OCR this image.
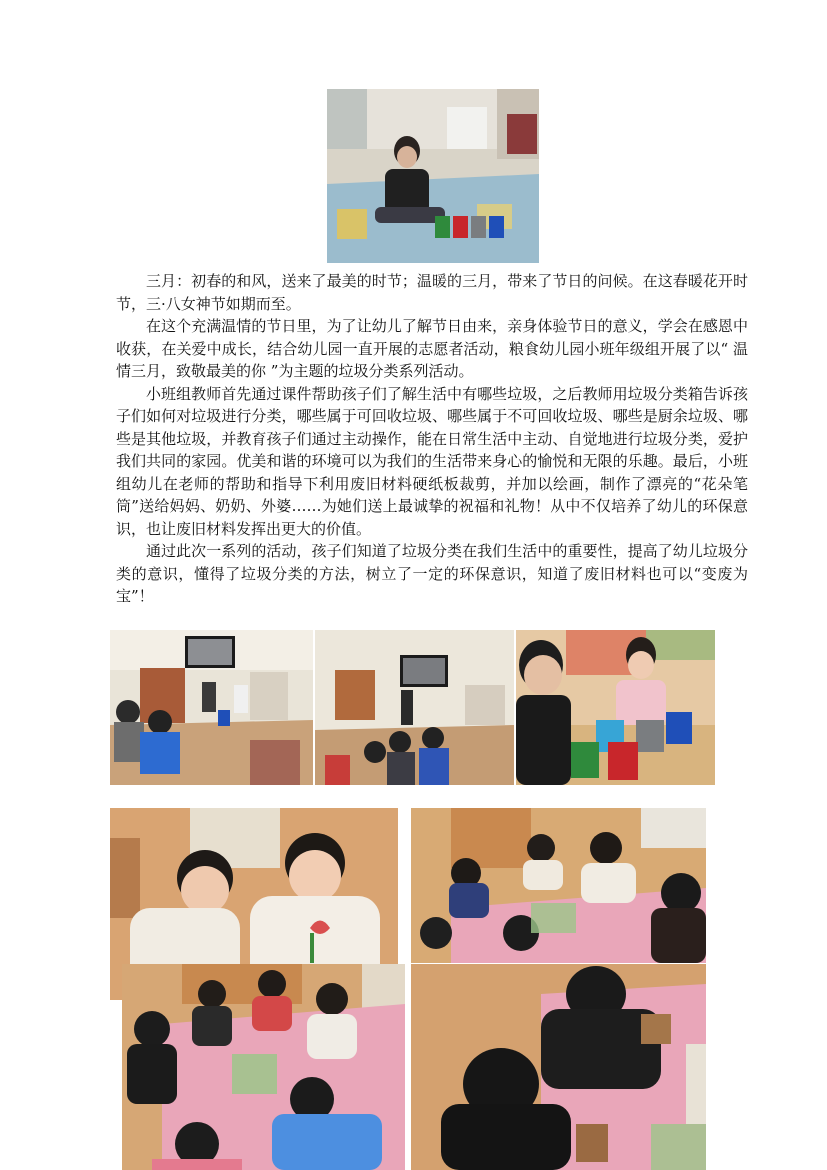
三月：初春的和风，送来了最美的时节；温暖的三月，带来了节日的问候。在这春暖花开时节，三·八女神节如期而至。

在这个充满温情的节日里，为了让幼儿了解节日由来，亲身体验节日的意义，学会在感恩中收获，在关爱中成长，结合幼儿园一直开展的志愿者活动，粮食幼儿园小班年级组开展了以“ 温情三月，致敬最美的你 ”为主题的垃圾分类系列活动。

小班组教师首先通过课件帮助孩子们了解生活中有哪些垃圾，之后教师用垃圾分类箱告诉孩子们如何对垃圾进行分类，哪些属于可回收垃圾、哪些属于不可回收垃圾、哪些是厨余垃圾、哪些是其他垃圾，并教育孩子们通过主动操作，能在日常生活中主动、自觉地进行垃圾分类，爱护我们共同的家园。优美和谐的环境可以为我们的生活带来身心的愉悦和无限的乐趣。最后，小班组幼儿在老师的帮助和指导下利用废旧材料硬纸板裁剪，并加以绘画，制作了漂亮的“花朵笔筒”送给妈妈、奶奶、外婆……为她们送上最诚挚的祝福和礼物！从中不仅培养了幼儿的环保意识，也让废旧材料发挥出更大的价值。

通过此次一系列的活动，孩子们知道了垃圾分类在我们生活中的重要性，提高了幼儿垃圾分类的意识，懂得了垃圾分类的方法，树立了一定的环保意识，知道了废旧材料也可以“变废为宝”！
